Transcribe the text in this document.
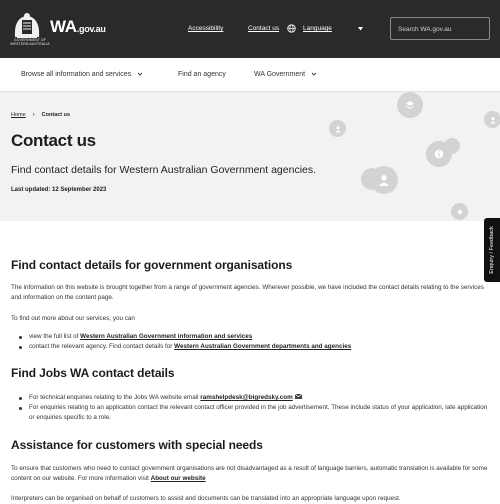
GOVERNMENT OF WESTERN AUSTRALIA
WA.gov.au	Accessibility	Contact us	Language
Search WA.gov.au
Browse all information and services	Find an agency	WA Government
Home › Contact us
Contact us
Find contact details for Western Australian Government agencies.
Last updated: 12 September 2023
Enquiry / Feedback
Find contact details for government organisations

The information on this website is brought together from a range of government agencies. Wherever possible, we have included the contact details relating to the services and information on the content page.

To find out more about our services, you can

view the full list of Western Australian Government information and services
contact the relevant agency. Find contact details for Western Australian Government departments and agencies
Find Jobs WA contact details
For technical enquiries relating to the Jobs WA website email ramshelpdesk@bigredsky.com
For enquiries relating to an application contact the relevant contact officer provided in the job advertisement. These include status of your application, late application or enquiries specific to a role.
Assistance for customers with special needs

To ensure that customers who need to contact government organisations are not disadvantaged as a result of language barriers, automatic translation is available for some content on our website. For more information visit About our website

Interpreters can be organised on behalf of customers to assist and documents can be translated into an appropriate language upon request.
